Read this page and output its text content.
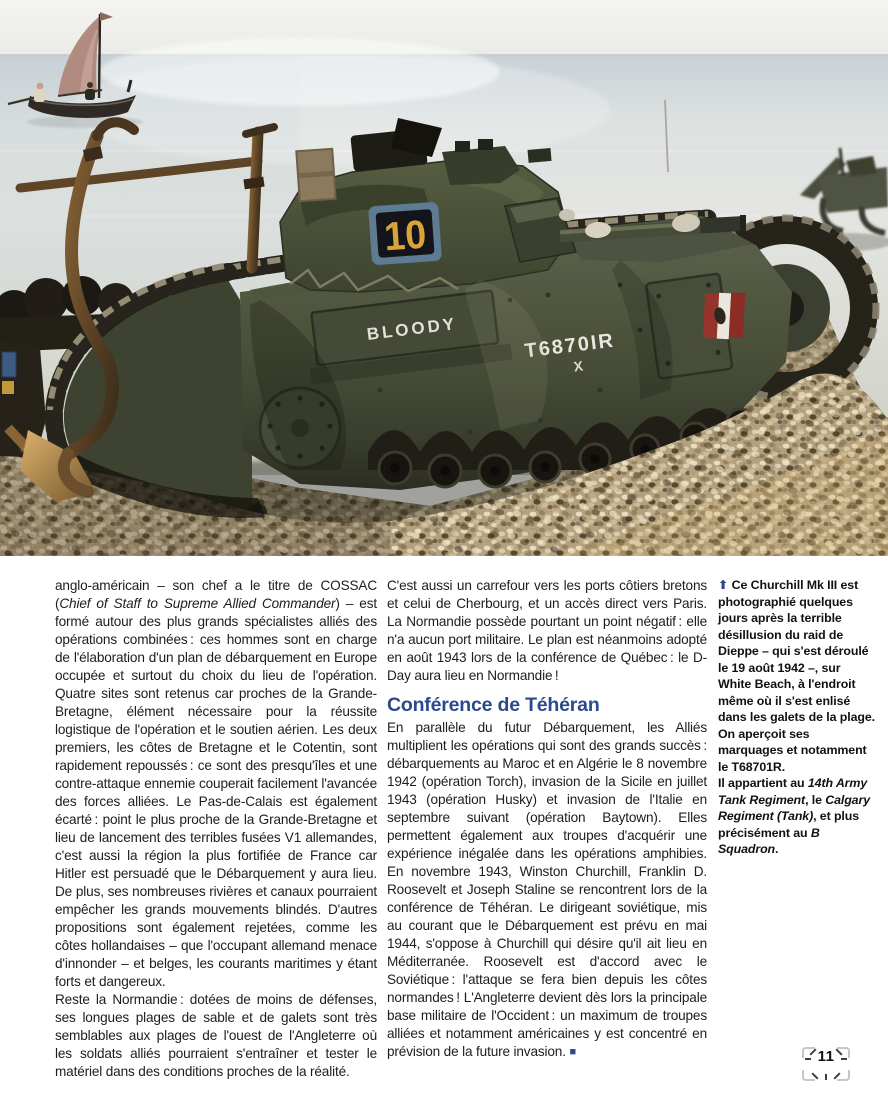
BLOODY
T6870IR
X
10

anglo-américain – son chef a le titre de COSSAC (Chief of Staff to Supreme Allied Commander) – est formé autour des plus grands spécialistes alliés des opérations combinées : ces hommes sont en charge de l'élaboration d'un plan de débarquement en Europe occupée et surtout du choix du lieu de l'opération. Quatre sites sont retenus car proches de la Grande-Bretagne, élément nécessaire pour la réussite logistique de l'opération et le soutien aérien. Les deux premiers, les côtes de Bretagne et le Cotentin, sont rapidement repoussés : ce sont des presqu'îles et une contre-attaque ennemie couperait facilement l'avancée des forces alliées. Le Pas-de-Calais est également écarté : point le plus proche de la Grande-Bretagne et lieu de lancement des terribles fusées V1 allemandes, c'est aussi la région la plus fortifiée de France car Hitler est persuadé que le Débarquement y aura lieu. De plus, ses nombreuses rivières et canaux pourraient empêcher les grands mouvements blindés. D'autres propositions sont également rejetées, comme les côtes hollandaises – que l'occupant allemand menace d'innonder – et belges, les courants maritimes y étant forts et dangereux.

Reste la Normandie : dotées de moins de défenses, ses longues plages de sable et de galets sont très semblables aux plages de l'ouest de l'Angleterre où les soldats alliés pourraient s'entraîner et tester le matériel dans des conditions proches de la réalité.

C'est aussi un carrefour vers les ports côtiers bretons et celui de Cherbourg, et un accès direct vers Paris. La Normandie possède pourtant un point négatif : elle n'a aucun port militaire. Le plan est néanmoins adopté en août 1943 lors de la conférence de Québec : le D-Day aura lieu en Normandie !

Conférence de Téhéran

En parallèle du futur Débarquement, les Alliés multiplient les opérations qui sont des grands succès : débarquements au Maroc et en Algérie le 8 novembre 1942 (opération Torch), invasion de la Sicile en juillet 1943 (opération Husky) et invasion de l'Italie en septembre suivant (opération Baytown). Elles permettent également aux troupes d'acquérir une expérience inégalée dans les opérations amphibies. En novembre 1943, Winston Churchill, Franklin D. Roosevelt et Joseph Staline se rencontrent lors de la conférence de Téhéran. Le dirigeant soviétique, mis au courant que le Débarquement est prévu en mai 1944, s'oppose à Churchill qui désire qu'il ait lieu en Méditerranée. Roosevelt est d'accord avec le Soviétique : l'attaque se fera bien depuis les côtes normandes ! L'Angleterre devient dès lors la principale base militaire de l'Occident : un maximum de troupes alliées et notamment américaines y est concentré en prévision de la future invasion. ■

⬆ Ce Churchill Mk III est photographié quelques jours après la terrible désillusion du raid de Dieppe – qui s'est déroulé le 19 août 1942 –, sur White Beach, à l'endroit même où il s'est enlisé dans les galets de la plage. On aperçoit ses marquages et notamment le T68701R.

Il appartient au 14th Army Tank Regiment, le Calgary Regiment (Tank), et plus précisément au B Squadron.

11
